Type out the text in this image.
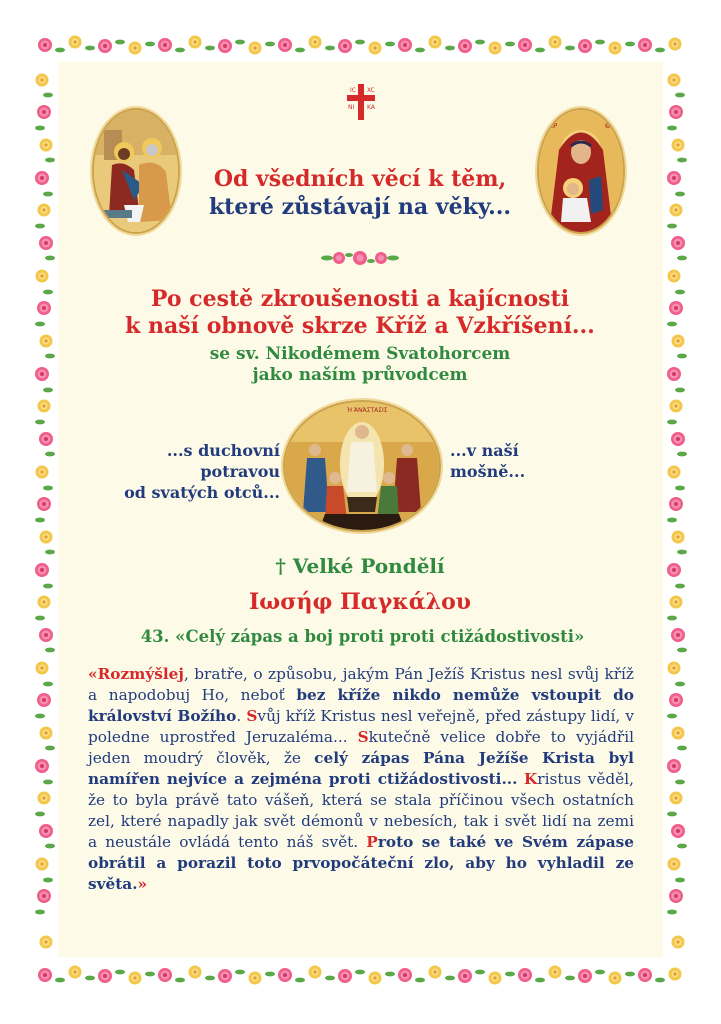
IC XC
NI KA
ΜΡ	ΘΥ
Od všedních věcí k těm,
které zůstávají na věky...
Po cestě zkroušenosti a kajícnosti
k naší obnově skrze Kříž a Vzkříšení...
se sv. Nikodémem Svatohorcem
jako naším průvodcem
...s duchovní
potravou
od svatých otců...
...v naší
mošně...
Ἡ ἈΝΆΣΤΑΣΙΣ
† Velké Pondělí
Ιωσήφ Παγκάλου
43. «Celý zápas a boj proti proti ctižádostivosti»
«Rozmýšlej, bratře, o způsobu, jakým Pán Ježíš Kristus nesl svůj kříž a napodobuj Ho, neboť bez kříže nikdo nemůže vstoupit do království Božího. Svůj kříž Kristus nesl veřejně, před zástupy lidí, v poledne uprostřed Jeruzaléma... Skutečně velice dobře to vyjádřil jeden moudrý člověk, že celý zápas Pána Ježíše Krista byl namířen nejvíce a zejména proti ctižádostivosti... Kristus věděl, že to byla právě tato vášeň, která se stala příčinou všech ostatních zel, které napadly jak svět démonů v nebesích, tak i svět lidí na zemi a neustále ovládá tento náš svět. Proto se také ve Svém zápase obrátil a porazil toto prvopočáteční zlo, aby ho vyhladil ze světa.»
